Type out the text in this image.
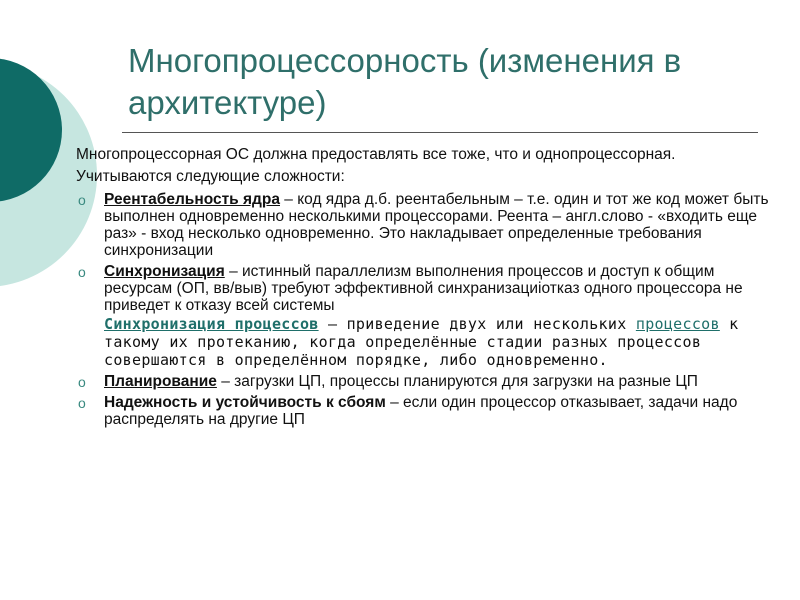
Многопроцессорность (изменения в архитектуре)

Многопроцессорная ОС должна предоставлять все тоже, что и однопроцессорная.

Учитываются следующие сложности:

o Реентабельность ядра – код ядра д.б. реентабельным – т.е. один и тот же код может быть выполнен одновременно несколькими процессорами. Реента – англ.слово - «входить еще раз» - вход несколько одновременно. Это накладывает определенные требования синхронизации
o Синхронизация – истинный параллелизм выполнения процессов и доступ к общим ресурсам (ОП, вв/выв) требуют эффективной синхранизациiотказ одного процессора не приведет к отказу всей системы
Синхронизация процессов — приведение двух или нескольких процессов к такому их протеканию, когда определённые стадии разных процессов совершаются в определённом порядке, либо одновременно.
o Планирование – загрузки ЦП, процессы планируются для загрузки на разные ЦП
o Надежность и устойчивость к сбоям – если один процессор отказывает, задачи надо распределять на другие ЦП
